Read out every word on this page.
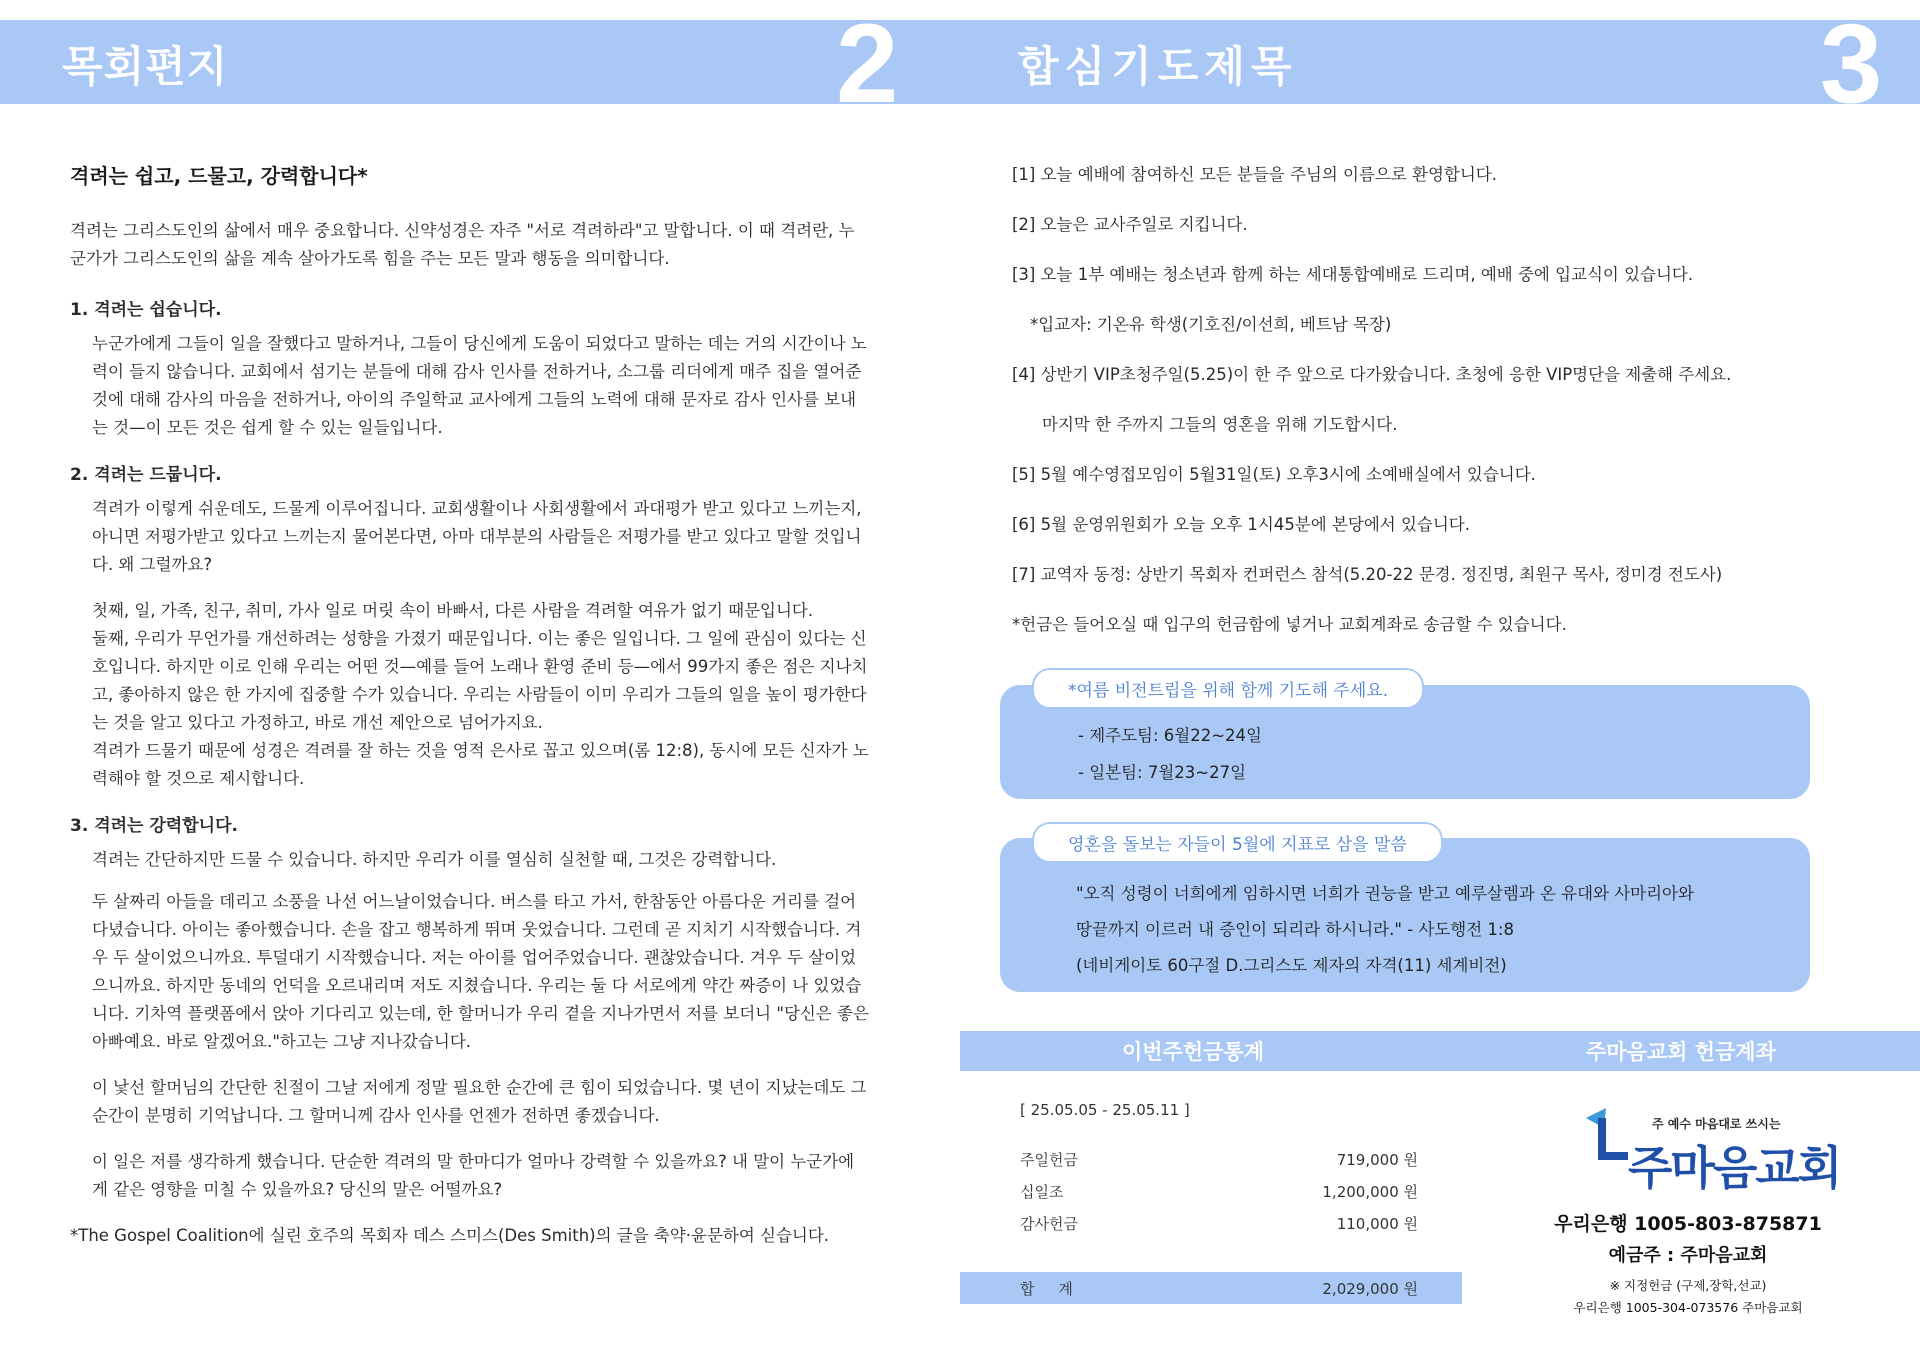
목회편지	2	합심기도제목	3
격려는 쉽고, 드물고, 강력합니다*

격려는 그리스도인의 삶에서 매우 중요합니다. 신약성경은 자주 "서로 격려하라"고 말합니다. 이 때 격려란, 누군가가 그리스도인의 삶을 계속 살아가도록 힘을 주는 모든 말과 행동을 의미합니다.

1. 격려는 쉽습니다.

누군가에게 그들이 일을 잘했다고 말하거나, 그들이 당신에게 도움이 되었다고 말하는 데는 거의 시간이나 노력이 들지 않습니다. 교회에서 섬기는 분들에 대해 감사 인사를 전하거나, 소그룹 리더에게 매주 집을 열어준 것에 대해 감사의 마음을 전하거나, 아이의 주일학교 교사에게 그들의 노력에 대해 문자로 감사 인사를 보내는 것—이 모든 것은 쉽게 할 수 있는 일들입니다.

2. 격려는 드뭅니다.

격려가 이렇게 쉬운데도, 드물게 이루어집니다. 교회생활이나 사회생활에서 과대평가 받고 있다고 느끼는지, 아니면 저평가받고 있다고 느끼는지 물어본다면, 아마 대부분의 사람들은 저평가를 받고 있다고 말할 것입니다. 왜 그럴까요?

첫째, 일, 가족, 친구, 취미, 가사 일로 머릿 속이 바빠서, 다른 사람을 격려할 여유가 없기 때문입니다.

둘째, 우리가 무언가를 개선하려는 성향을 가졌기 때문입니다. 이는 좋은 일입니다. 그 일에 관심이 있다는 신호입니다. 하지만 이로 인해 우리는 어떤 것—예를 들어 노래나 환영 준비 등—에서 99가지 좋은 점은 지나치고, 좋아하지 않은 한 가지에 집중할 수가 있습니다. 우리는 사람들이 이미 우리가 그들의 일을 높이 평가한다는 것을 알고 있다고 가정하고, 바로 개선 제안으로 넘어가지요.

격려가 드물기 때문에 성경은 격려를 잘 하는 것을 영적 은사로 꼽고 있으며(롬 12:8), 동시에 모든 신자가 노력해야 할 것으로 제시합니다.

3. 격려는 강력합니다.

격려는 간단하지만 드물 수 있습니다. 하지만 우리가 이를 열심히 실천할 때, 그것은 강력합니다.

두 살짜리 아들을 데리고 소풍을 나선 어느날이었습니다. 버스를 타고 가서, 한참동안 아름다운 거리를 걸어 다녔습니다. 아이는 좋아했습니다. 손을 잡고 행복하게 뛰며 웃었습니다. 그런데 곧 지치기 시작했습니다. 겨우 두 살이었으니까요. 투덜대기 시작했습니다. 저는 아이를 업어주었습니다. 괜찮았습니다. 겨우 두 살이었으니까요. 하지만 동네의 언덕을 오르내리며 저도 지쳤습니다. 우리는 둘 다 서로에게 약간 짜증이 나 있었습니다. 기차역 플랫폼에서 앉아 기다리고 있는데, 한 할머니가 우리 곁을 지나가면서 저를 보더니 "당신은 좋은 아빠예요. 바로 알겠어요."하고는 그냥 지나갔습니다.

이 낯선 할머님의 간단한 친절이 그날 저에게 정말 필요한 순간에 큰 힘이 되었습니다. 몇 년이 지났는데도 그 순간이 분명히 기억납니다. 그 할머니께 감사 인사를 언젠가 전하면 좋겠습니다.

이 일은 저를 생각하게 했습니다. 단순한 격려의 말 한마디가 얼마나 강력할 수 있을까요? 내 말이 누군가에게 같은 영향을 미칠 수 있을까요? 당신의 말은 어떨까요?

*The Gospel Coalition에 실린 호주의 목회자 데스 스미스(Des Smith)의 글을 축약·윤문하여 싣습니다.

[1] 오늘 예배에 참여하신 모든 분들을 주님의 이름으로 환영합니다.
[2] 오늘은 교사주일로 지킵니다.
[3] 오늘 1부 예배는 청소년과 함께 하는 세대통합예배로 드리며, 예배 중에 입교식이 있습니다.
*입교자: 기온유 학생(기호진/이선희, 베트남 목장)
[4] 상반기 VIP초청주일(5.25)이 한 주 앞으로 다가왔습니다. 초청에 응한 VIP명단을 제출해 주세요.
마지막 한 주까지 그들의 영혼을 위해 기도합시다.
[5] 5월 예수영접모임이 5월31일(토) 오후3시에 소예배실에서 있습니다.
[6] 5월 운영위원회가 오늘 오후 1시45분에 본당에서 있습니다.
[7] 교역자 동정: 상반기 목회자 컨퍼런스 참석(5.20-22 문경. 정진명, 최원구 목사, 정미경 전도사)
*헌금은 들어오실 때 입구의 헌금함에 넣거나 교회계좌로 송금할 수 있습니다.
*여름 비전트립을 위해 함께 기도해 주세요.
- 제주도팀: 6월22~24일
- 일본팀: 7월23~27일
영혼을 돌보는 자들이 5월에 지표로 삼을 말씀
"오직 성령이 너희에게 임하시면 너희가 권능을 받고 예루살렘과 온 유대와 사마리아와
땅끝까지 이르러 내 증인이 되리라 하시니라." - 사도행전 1:8
(네비게이토 60구절 D.그리스도 제자의 자격(11) 세계비전)
이번주헌금통계	주마음교회 헌금계좌
[ 25.05.05 - 25.05.11 ]
주일헌금	719,000 원
십일조	1,200,000 원
감사헌금	110,000 원
합     계	2,029,000 원
주 예수 마음대로 쓰시는
주마음교회
우리은행 1005-803-875871
예금주 : 주마음교회
※ 지정헌금 (구제,장학,선교)
우리은행 1005-304-073576 주마음교회
